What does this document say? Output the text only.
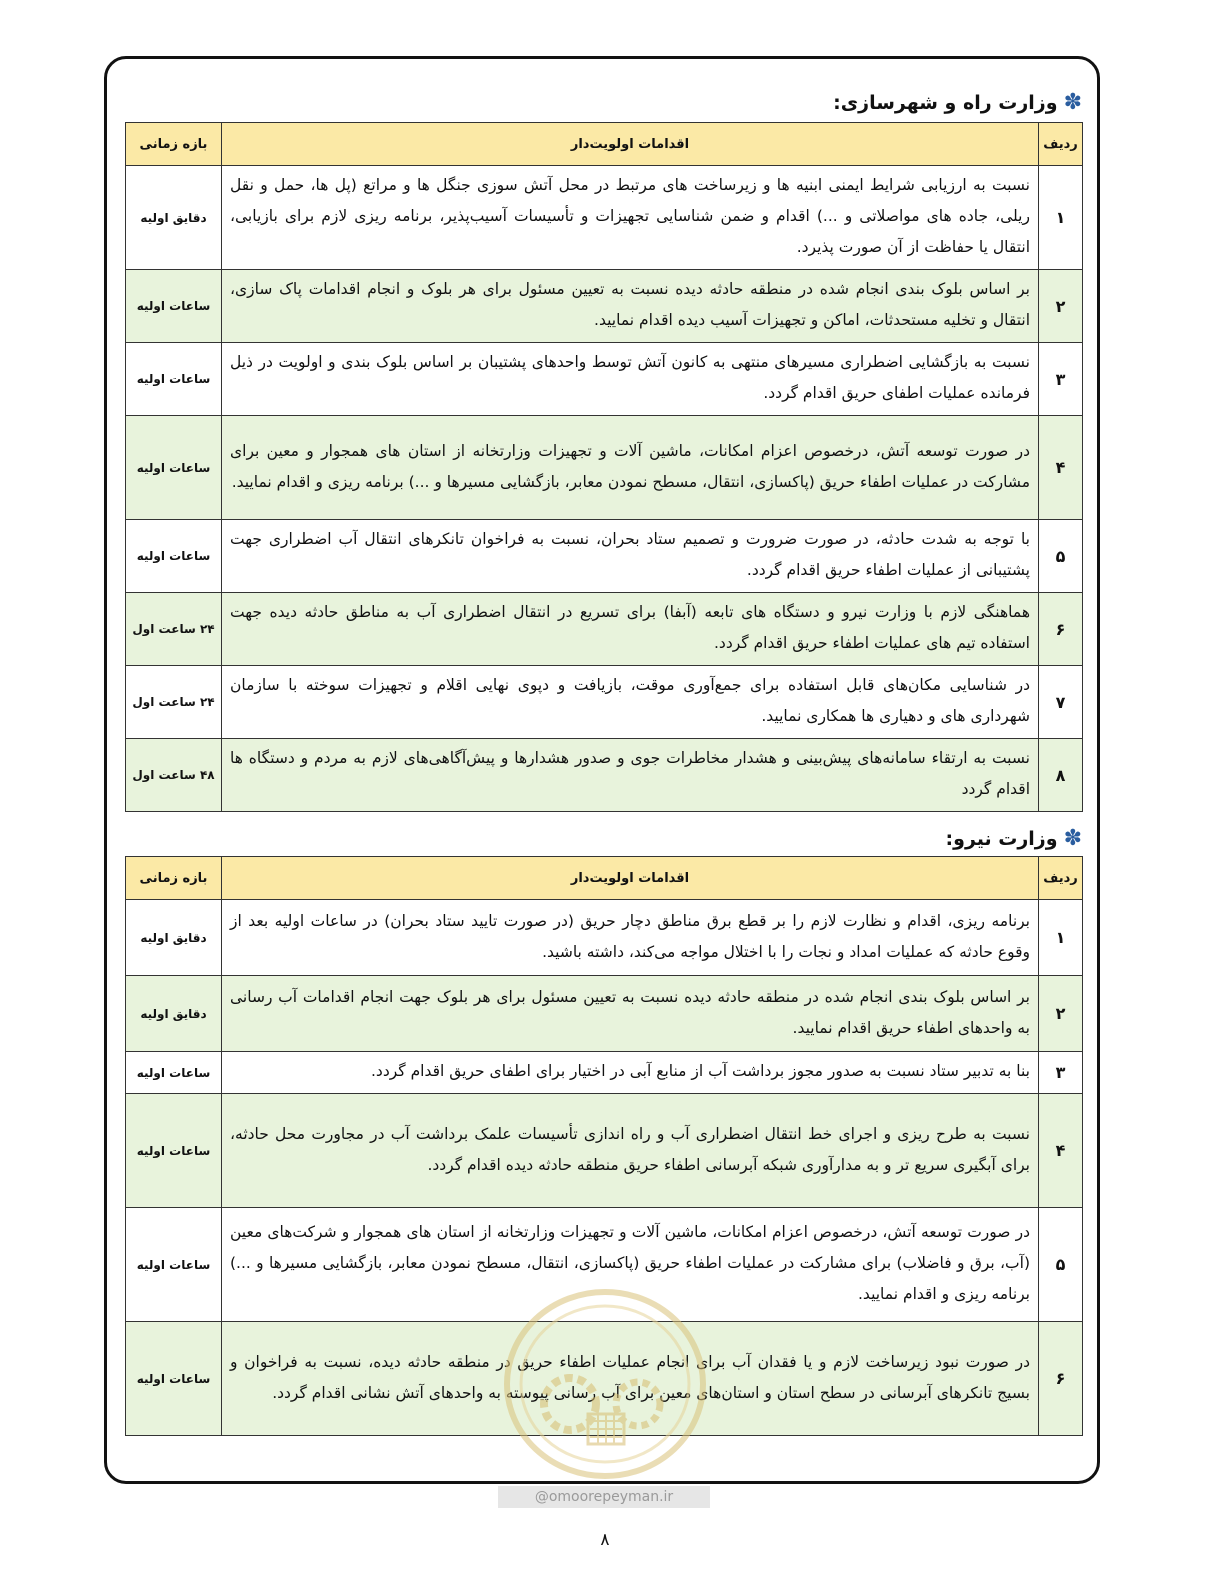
✽وزارت راه و شهرسازی:
ردیف	اقدامات اولویت‌دار	بازه زمانی
۱	نسبت به ارزیابی شرایط ایمنی ابنیه ها و زیرساخت های مرتبط در محل آتش سوزی جنگل ها و مراتع (پل ها، حمل و نقل ریلی، جاده های مواصلاتی و ...) اقدام و ضمن شناسایی تجهیزات و تأسیسات آسیب‌پذیر، برنامه ریزی لازم برای بازیابی، انتقال یا حفاظت از آن صورت پذیرد.	دقایق اولیه
۲	بر اساس بلوک بندی انجام شده در منطقه حادثه دیده نسبت به تعیین مسئول برای هر بلوک و انجام اقدامات پاک سازی، انتقال و تخلیه مستحدثات، اماکن و تجهیزات آسیب دیده اقدام نمایید.	ساعات اولیه
۳	نسبت به بازگشایی اضطراری مسیرهای منتهی به کانون آتش توسط واحدهای پشتیبان بر اساس بلوک بندی و اولویت در ذیل فرمانده عملیات اطفای حریق اقدام گردد.	ساعات اولیه
۴	در صورت توسعه آتش، درخصوص اعزام امکانات، ماشین آلات و تجهیزات وزارتخانه از استان های همجوار و معین برای مشارکت در عملیات اطفاء حریق (پاکسازی، انتقال، مسطح نمودن معابر، بازگشایی مسیرها و ...) برنامه ریزی و اقدام نمایید.	ساعات اولیه
۵	با توجه به شدت حادثه، در صورت ضرورت و تصمیم ستاد بحران، نسبت به فراخوان تانکرهای انتقال آب اضطراری جهت پشتیبانی از عملیات اطفاء حریق اقدام گردد.	ساعات اولیه
۶	هماهنگی لازم با وزارت نیرو و دستگاه های تابعه (آبفا) برای تسریع در انتقال اضطراری آب به مناطق حادثه دیده جهت استفاده تیم های عملیات اطفاء حریق اقدام گردد.	۲۴ ساعت اول
۷	در شناسایی مکان‌های قابل استفاده برای جمع‌آوری موقت، بازیافت و دپوی نهایی اقلام و تجهیزات سوخته با سازمان شهرداری های و دهیاری ها همکاری نمایید.	۲۴ ساعت اول
۸	نسبت به ارتقاء سامانه‌های پیش‌بینی و هشدار مخاطرات جوی و صدور هشدارها و پیش‌آگاهی‌های لازم به مردم و دستگاه ها اقدام گردد	۴۸ ساعت اول
✽وزارت نیرو:
ردیف	اقدامات اولویت‌دار	بازه زمانی
۱	برنامه ریزی، اقدام و نظارت لازم را بر قطع برق مناطق دچار حریق (در صورت تایید ستاد بحران) در ساعات اولیه بعد از وقوع حادثه که عملیات امداد و نجات را با اختلال مواجه می‌کند، داشته باشید.	دقایق اولیه
۲	بر اساس بلوک بندی انجام شده در منطقه حادثه دیده نسبت به تعیین مسئول برای هر بلوک جهت انجام اقدامات آب رسانی به واحدهای اطفاء حریق اقدام نمایید.	دقایق اولیه
۳	بنا به تدبیر ستاد نسبت به صدور مجوز برداشت آب از منابع آبی در اختیار برای اطفای حریق اقدام گردد.	ساعات اولیه
۴	نسبت به طرح ریزی و اجرای خط انتقال اضطراری آب و راه اندازی تأسیسات علمک برداشت آب در مجاورت محل حادثه، برای آبگیری سریع تر و به مدارآوری شبکه آبرسانی اطفاء حریق منطقه حادثه دیده اقدام گردد.	ساعات اولیه
۵	در صورت توسعه آتش، درخصوص اعزام امکانات، ماشین آلات و تجهیزات وزارتخانه از استان های همجوار و شرکت‌های معین (آب، برق و فاضلاب) برای مشارکت در عملیات اطفاء حریق (پاکسازی، انتقال، مسطح نمودن معابر، بازگشایی مسیرها و ...) برنامه ریزی و اقدام نمایید.	ساعات اولیه
۶	در صورت نبود زیرساخت لازم و یا فقدان آب برای انجام عملیات اطفاء حریق در منطقه حادثه دیده، نسبت به فراخوان و بسیج تانکرهای آبرسانی در سطح استان و استان‌های معین برای آب رسانی پیوسته به واحدهای آتش نشانی اقدام گردد.	ساعات اولیه
@omoorepeyman.ir
۸
